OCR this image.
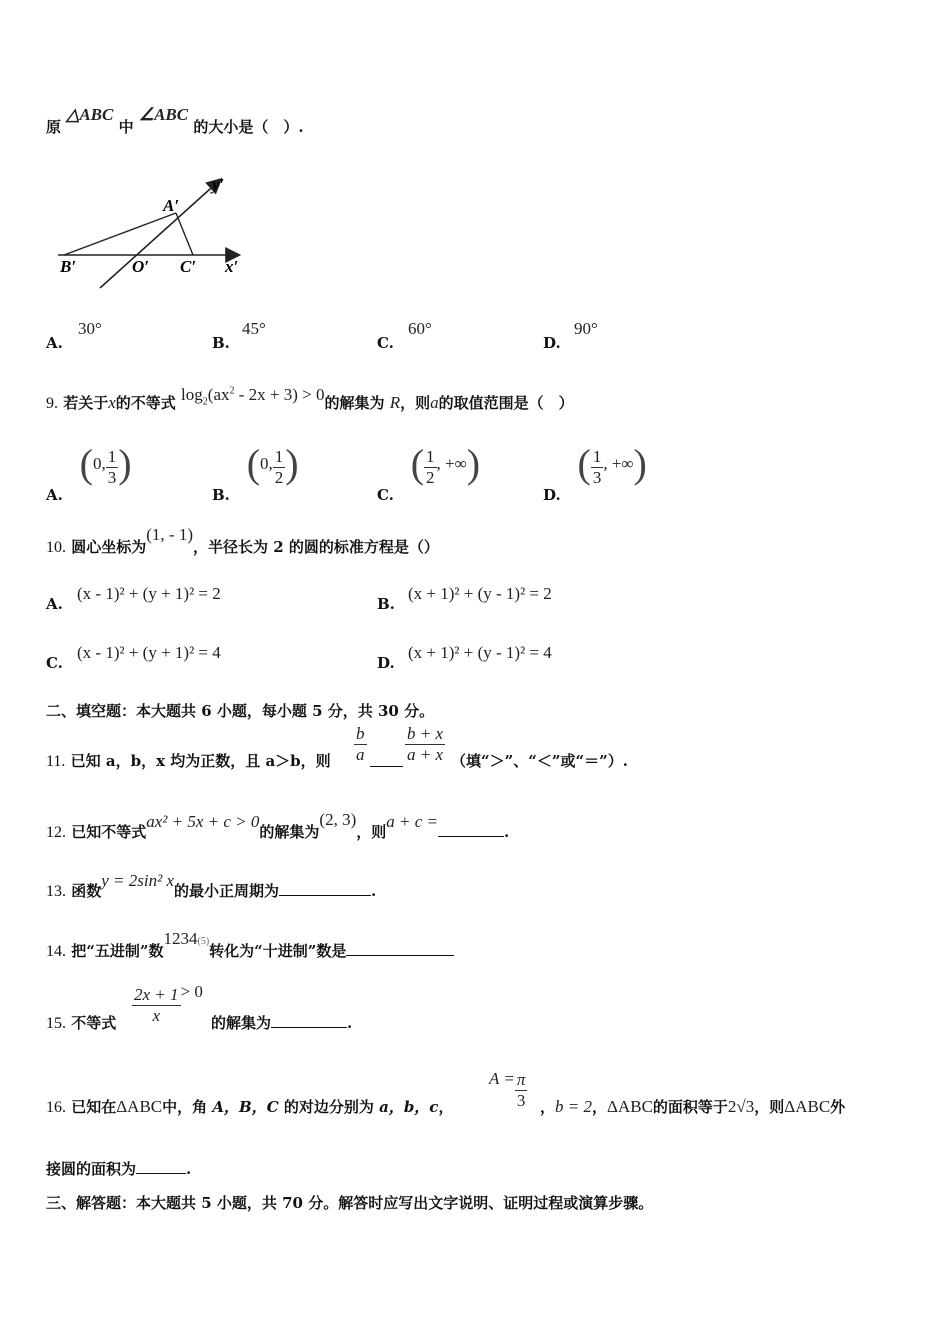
原 △ABC 中 ∠ABC 的大小是（　）.
y′
A′
B′	O′ C′ x′
A.
30°
B.
45°
C.
60°
D.
90°
9. 若关于x的不等式 $\log_2(ax^2 - 2x + 3) > 0$的解集为 R，则a的取值范围是（　）
A. (0, $\frac{1}{3}$ )
B. (0, $\frac{1}{2}$ )
C. ( $\frac{1}{2}$ , +∞)
D. ( $\frac{1}{3}$ , +∞)
10. 圆心坐标为(1, - 1)，半径长为 2 的圆的标准方程是（）
A.
(x - 1)² + (y + 1)² = 2
B.
(x + 1)² + (y - 1)² = 2
C.
(x - 1)² + (y + 1)² = 4
D.
(x + 1)² + (y - 1)² = 4
二、填空题：本大题共 6 小题，每小题 5 分，共 30 分。
11. 已知 a，b，x 均为正数，且 a＞b，则 $\frac{b}{a} \frac{b + x}{a + x}$ （填“＞”、“＜”或“＝”）.
12. 已知不等式ax² + 5x + c > 0的解集为(2, 3)，则a + c =.
13. 函数y = 2sin² x的最小正周期为	.
14. 把“五进制”数1234(5)转化为“十进制”数是
15. 不等式 $\frac{2x + 1}{x} > 0$
的解集为	.
16. 已知在ΔABC中，角 A，B，C 的对边分别为 a，b，c，
$A = \frac{\pi}{3}$ ，b = 2，ΔABC的面积等于2√3，则ΔABC外
接圆的面积为	.
三、解答题：本大题共 5 小题，共 70 分。解答时应写出文字说明、证明过程或演算步骤。
